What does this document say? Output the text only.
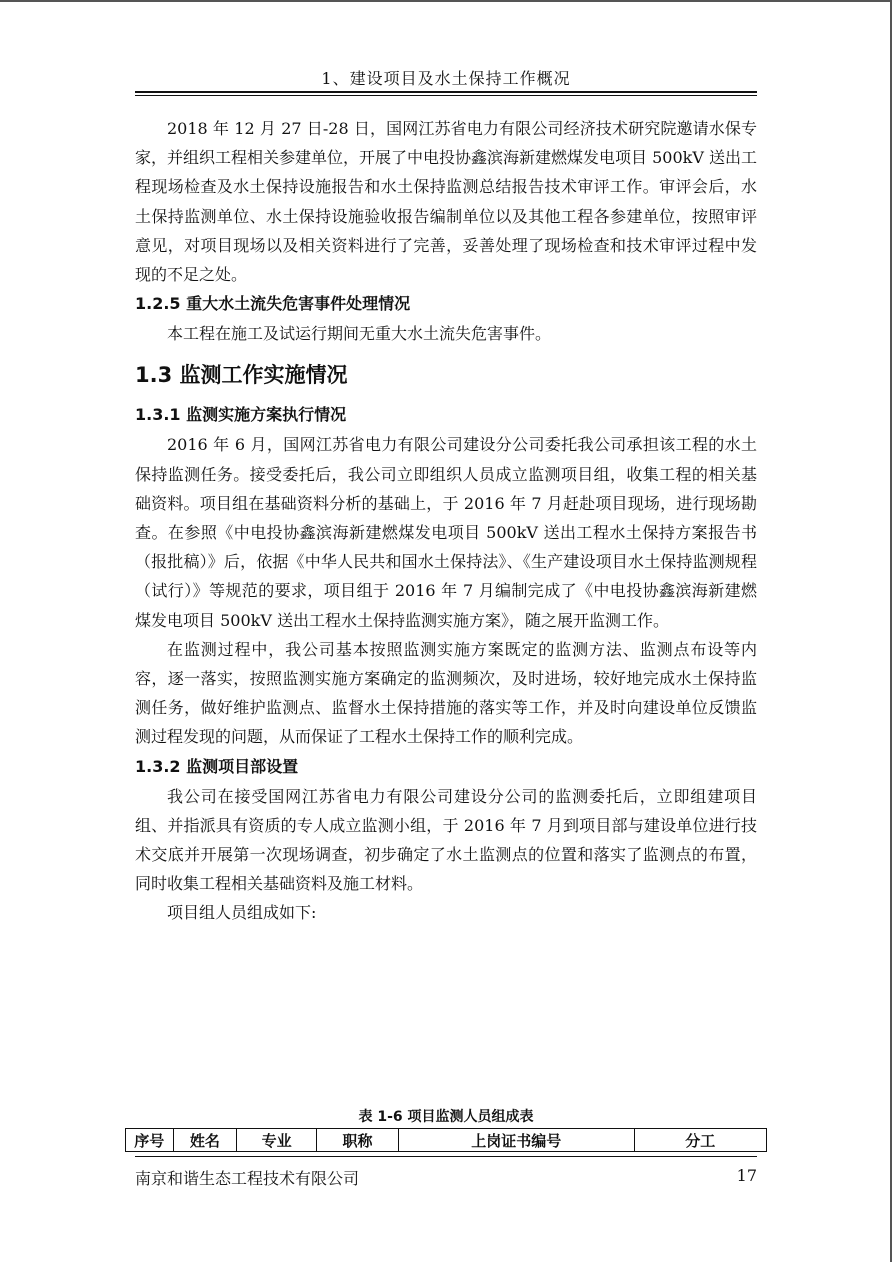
1、建设项目及水土保持工作概况

2018 年 12 月 27 日-28 日，国网江苏省电力有限公司经济技术研究院邀请水保专家，并组织工程相关参建单位，开展了中电投协鑫滨海新建燃煤发电项目 500kV 送出工程现场检查及水土保持设施报告和水土保持监测总结报告技术审评工作。审评会后，水土保持监测单位、水土保持设施验收报告编制单位以及其他工程各参建单位，按照审评意见，对项目现场以及相关资料进行了完善，妥善处理了现场检查和技术审评过程中发现的不足之处。

1.2.5 重大水土流失危害事件处理情况

本工程在施工及试运行期间无重大水土流失危害事件。

1.3 监测工作实施情况

1.3.1 监测实施方案执行情况

2016 年 6 月，国网江苏省电力有限公司建设分公司委托我公司承担该工程的水土保持监测任务。接受委托后，我公司立即组织人员成立监测项目组，收集工程的相关基础资料。项目组在基础资料分析的基础上，于 2016 年 7 月赶赴项目现场，进行现场勘查。在参照《中电投协鑫滨海新建燃煤发电项目 500kV 送出工程水土保持方案报告书（报批稿）》后，依据《中华人民共和国水土保持法》、《生产建设项目水土保持监测规程（试行）》等规范的要求，项目组于 2016 年 7 月编制完成了《中电投协鑫滨海新建燃煤发电项目 500kV 送出工程水土保持监测实施方案》，随之展开监测工作。

在监测过程中，我公司基本按照监测实施方案既定的监测方法、监测点布设等内容，逐一落实，按照监测实施方案确定的监测频次，及时进场，较好地完成水土保持监测任务，做好维护监测点、监督水土保持措施的落实等工作，并及时向建设单位反馈监测过程发现的问题，从而保证了工程水土保持工作的顺利完成。

1.3.2 监测项目部设置

我公司在接受国网江苏省电力有限公司建设分公司的监测委托后，立即组建项目组、并指派具有资质的专人成立监测小组，于 2016 年 7 月到项目部与建设单位进行技术交底并开展第一次现场调查，初步确定了水土监测点的位置和落实了监测点的布置，同时收集工程相关基础资料及施工材料。

项目组人员组成如下:

表 1-6 项目监测人员组成表
序号	姓名	专业	职称	上岗证书编号	分工
南京和谐生态工程技术有限公司	17
